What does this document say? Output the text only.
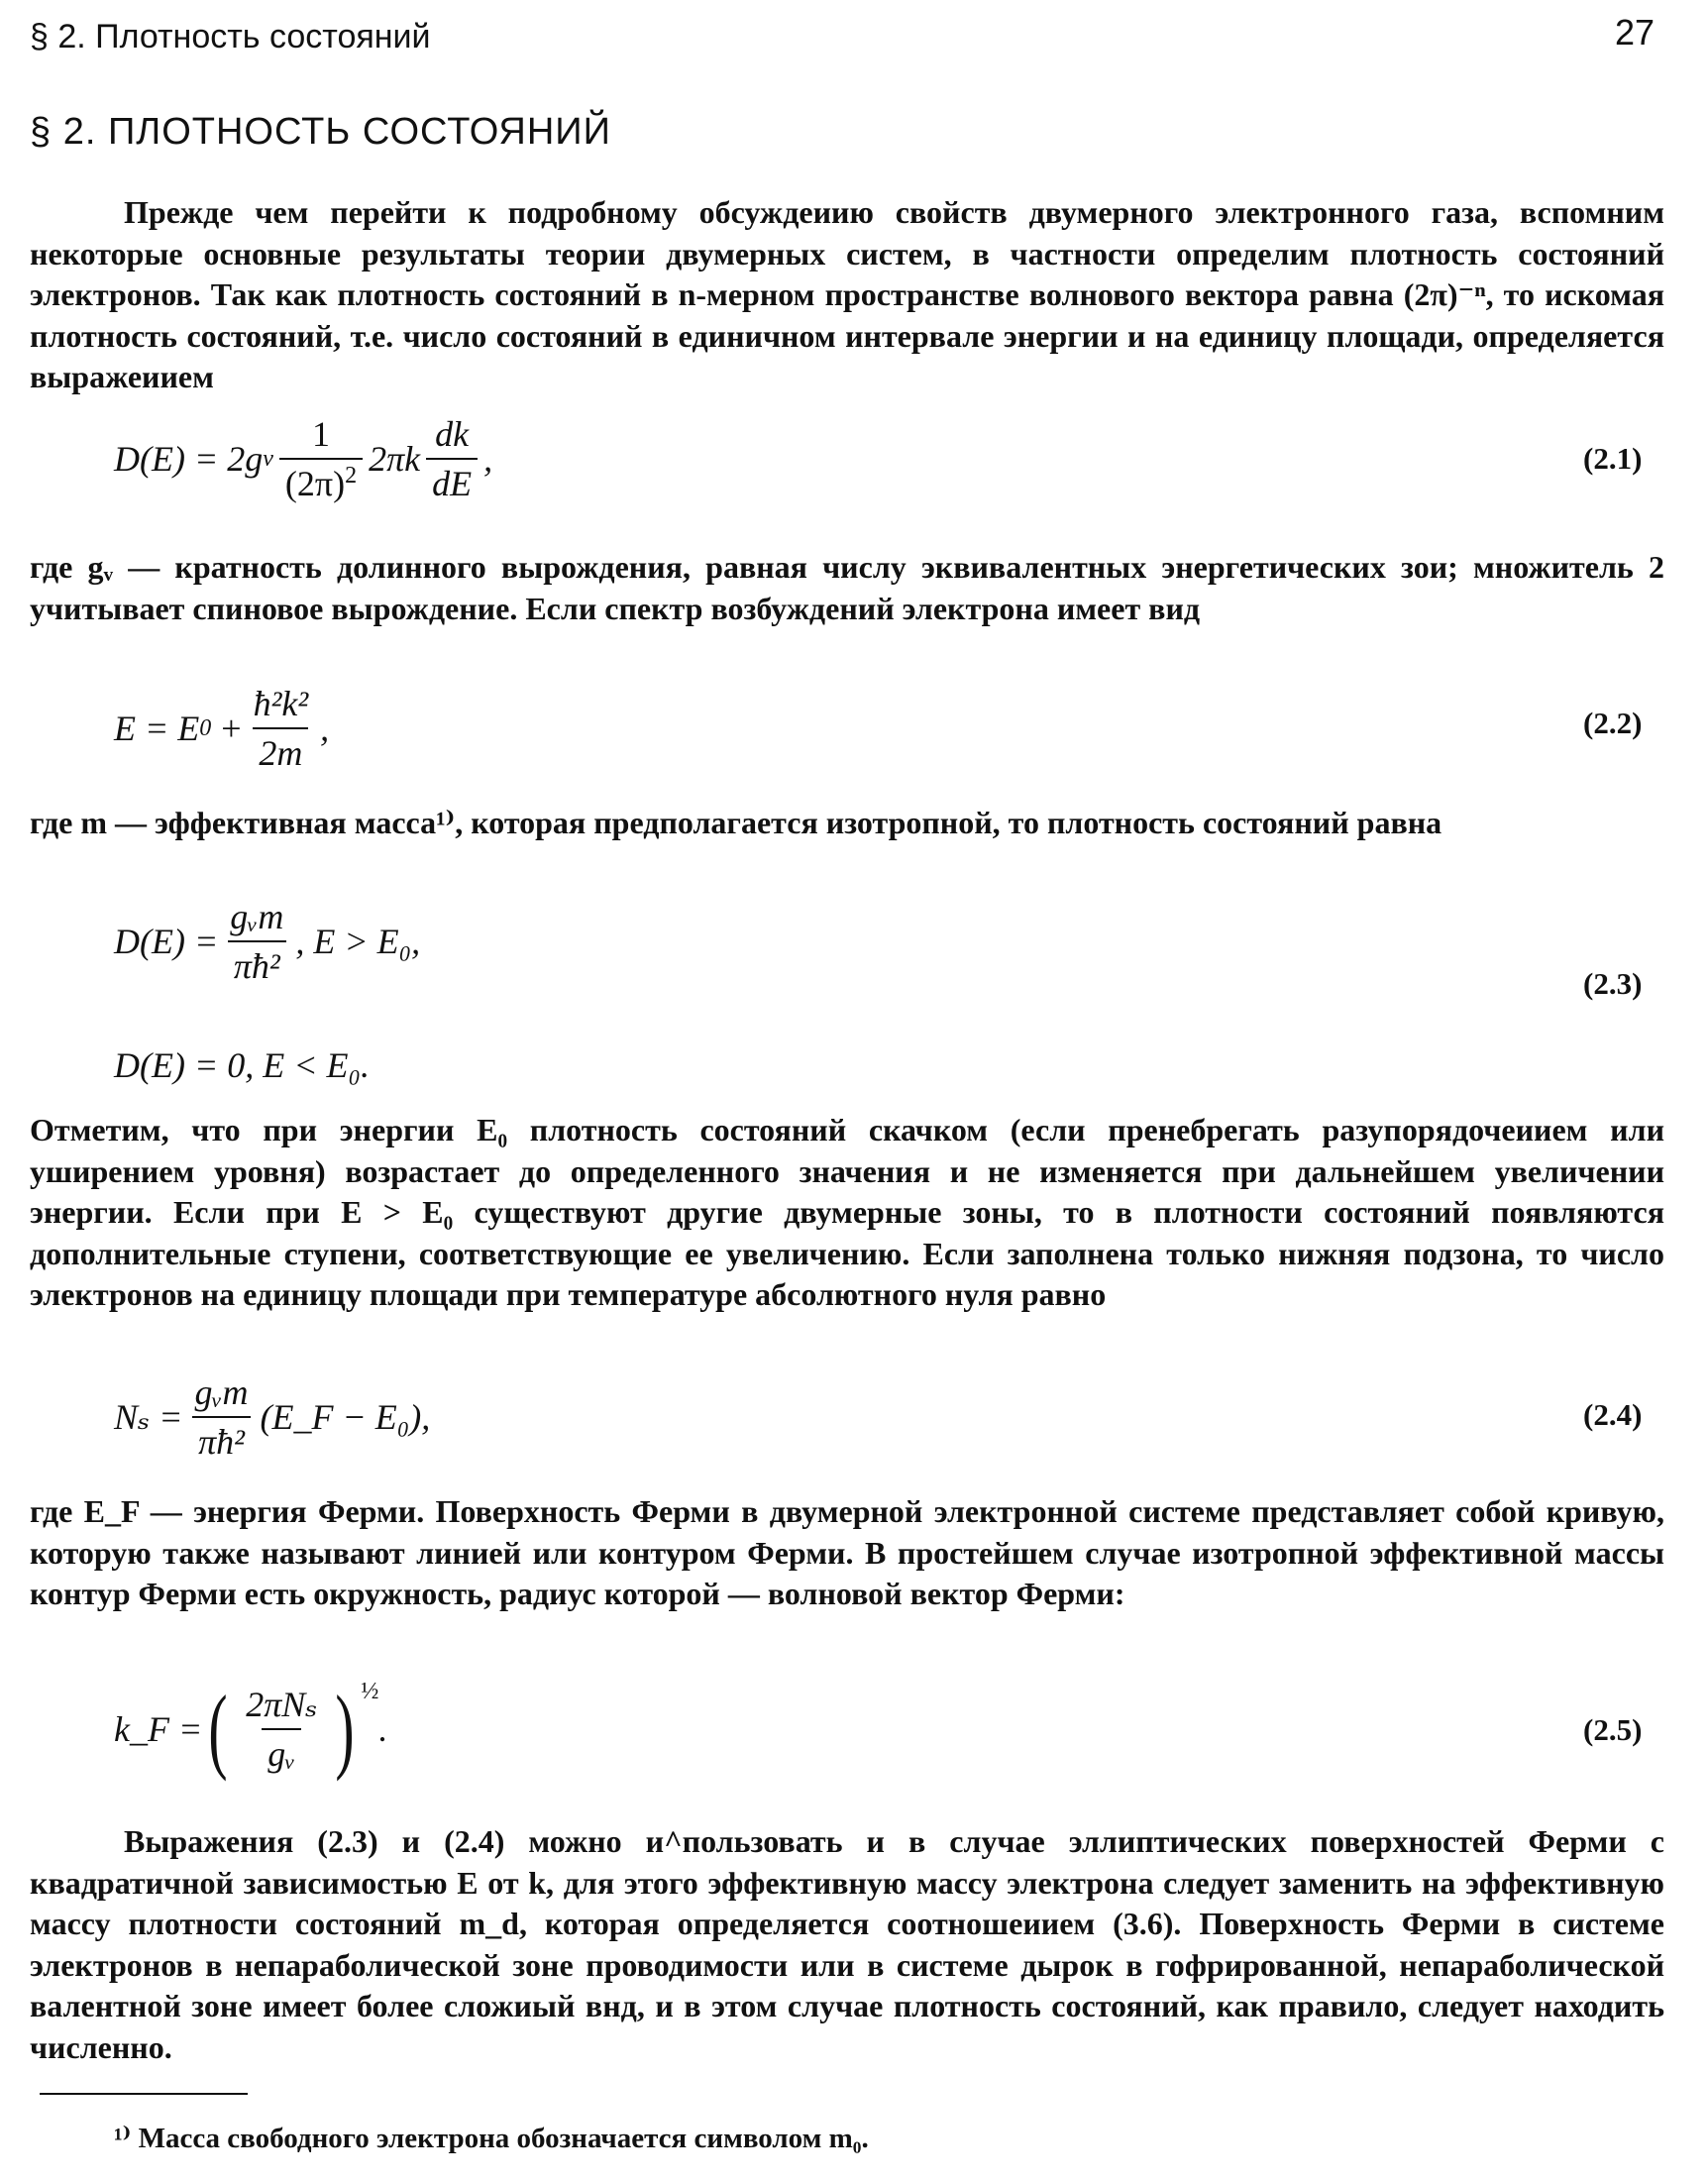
§ 2. Плотность состояний	27
§ 2. ПЛОТНОСТЬ СОСТОЯНИЙ
Прежде чем перейти к подробному обсуждеиию свойств двумерного электронного газа, вспомним некоторые основные результаты теории двумерных систем, в частности определим плотность состояний электронов. Так как плотность состояний в n-мерном пространстве волнового вектора равна (2π)⁻ⁿ, то искомая плотность состояний, т.е. число состояний в единичном интервале энергии и на единицу площади, определяется выражеиием
D(E) = 2g v $\frac{1}{(2\pi)^2} 2\pi k \frac{dk}{dE}$ ,	(2.1)
где gᵥ — кратность долинного вырождения, равная числу эквивалентных энергетических зои; множитель 2 учитывает спиновое вырождение. Если спектр возбуждений электрона имеет вид
E = E $0 + \frac{\text{ħ²k²}}{2m}$ ,	(2.2)
где m — эффективная масса¹⁾, которая предполагается изотропной, то плотность состояний равна
$D(E) = \frac{\text{gᵥm}}{\text{πħ²}}$ , E > E₀,
(2.3)
D(E) = 0, E < E₀.
Отметим, что при энергии E₀ плотность состояний скачком (если пренебрегать разупорядочеиием или уширением уровня) возрастает до определенного значения и не изменяется при дальнейшем увеличении энергии. Если при E > E₀ существуют другие двумерные зоны, то в плотности состояний появляются дополнительные ступени, соответствующие ее увеличению. Если заполнена только нижняя подзона, то число электронов на единицу площади при температуре абсолютного нуля равно
$N_s = \frac{\text{gᵥm}}{\text{πħ²}}$ (E_F − E₀),	(2.4)
где E_F — энергия Ферми. Поверхность Ферми в двумерной электронной системе представляет собой кривую, которую также называют линией или контуром Ферми. В простейшем случае изотропной эффективной массы контур Ферми есть окружность, радиус которой — волновой вектор Ферми:
k_F = ( $\frac{\text{2πNₛ}}{\text{gᵥ}}$ ) $^{\frac{1}{2}}$
.	(2.5)
Выражения (2.3) и (2.4) можно и^пользовать и в случае эллиптических поверхностей Ферми с квадратичной зависимостью E от k, для этого эффективную массу электрона следует заменить на эффективную массу плотности состояний m_d, которая определяется соотношеиием (3.6). Поверхность Ферми в системе электронов в непараболической зоне проводимости или в системе дырок в гофрированной, непараболической валентной зоне имеет более сложиый внд, и в этом случае плотность состояний, как правило, следует находить численно.
¹⁾ Масса свободного электрона обозначается символом m₀.
